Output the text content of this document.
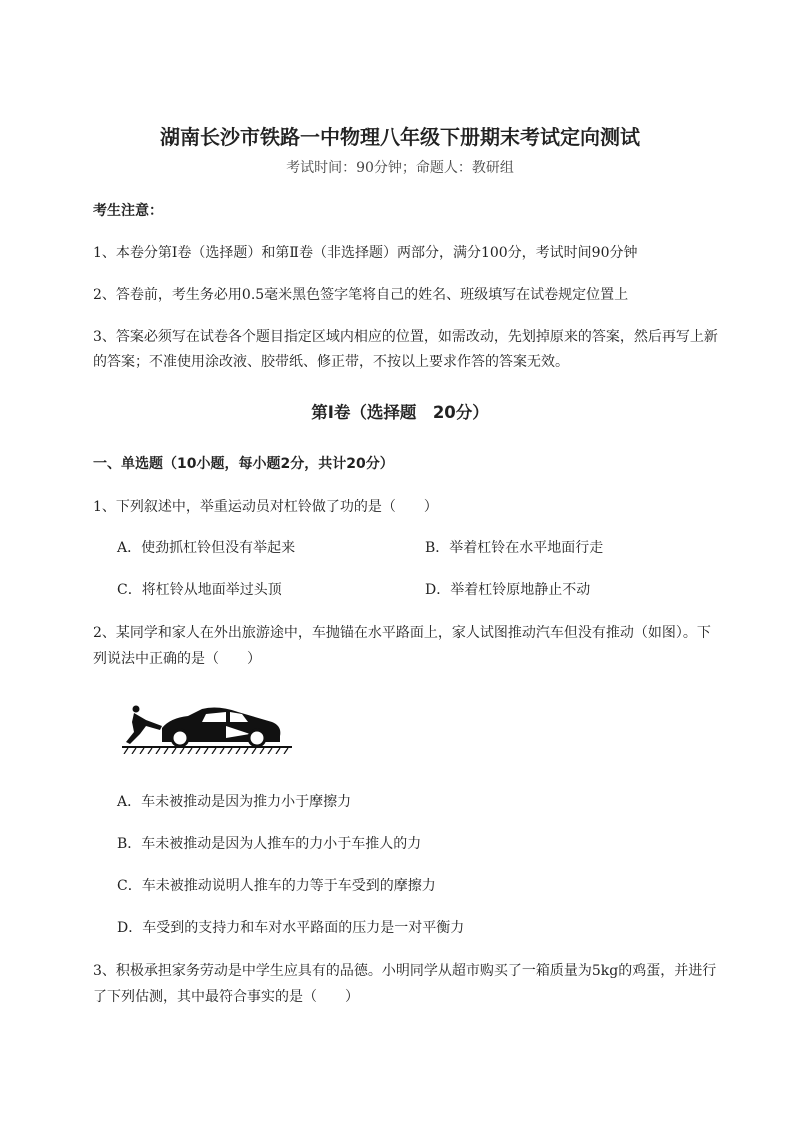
湖南长沙市铁路一中物理八年级下册期末考试定向测试
考试时间：90分钟；命题人：教研组
考生注意：
1、本卷分第I卷（选择题）和第Ⅱ卷（非选择题）两部分，满分100分，考试时间90分钟
2、答卷前，考生务必用0.5毫米黑色签字笔将自己的姓名、班级填写在试卷规定位置上
3、答案必须写在试卷各个题目指定区域内相应的位置，如需改动，先划掉原来的答案，然后再写上新
的答案；不准使用涂改液、胶带纸、修正带，不按以上要求作答的答案无效。
第I卷（选择题　20分）
一、单选题（10小题，每小题2分，共计20分）
1、下列叙述中，举重运动员对杠铃做了功的是（　　）
A．使劲抓杠铃但没有举起来	B．举着杠铃在水平地面行走
C．将杠铃从地面举过头顶	D．举着杠铃原地静止不动
2、某同学和家人在外出旅游途中，车抛锚在水平路面上，家人试图推动汽车但没有推动（如图）。下
列说法中正确的是（　　）
A．车未被推动是因为推力小于摩擦力
B．车未被推动是因为人推车的力小于车推人的力
C．车未被推动说明人推车的力等于车受到的摩擦力
D．车受到的支持力和车对水平路面的压力是一对平衡力
3、积极承担家务劳动是中学生应具有的品德。小明同学从超市购买了一箱质量为5kg的鸡蛋，并进行
了下列估测，其中最符合事实的是（　　）
